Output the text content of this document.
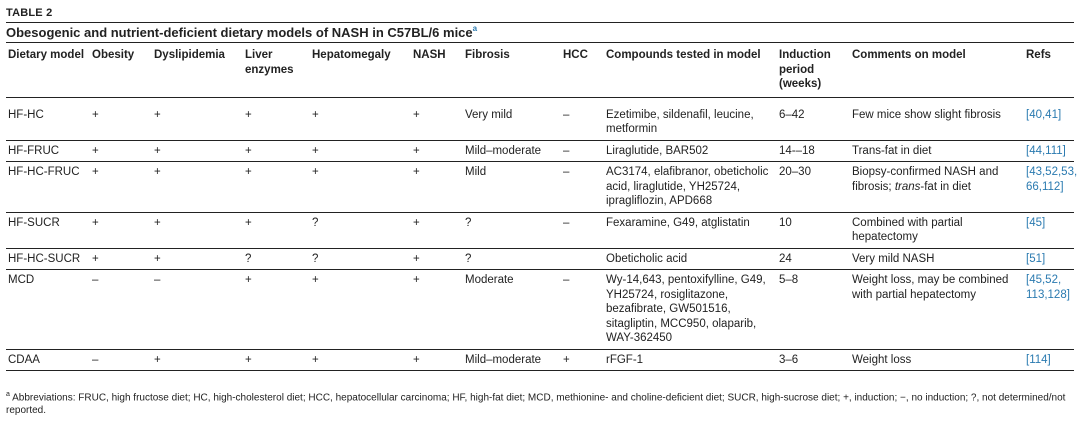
TABLE 2
Obesogenic and nutrient-deficient dietary models of NASH in C57BL/6 mice$^a$
Dietary model	Obesity	Dyslipidemia	Liver enzymes	Hepatomegaly	NASH	Fibrosis	HCC	Compounds tested in model	Induction period (weeks)	Comments on model	Refs
HF-HC	+	+	+	+	+	Very mild	–	Ezetimibe, sildenafil, leucine, metformin	6–42	Few mice show slight fibrosis	[40,41]
HF-FRUC	+	+	+	+	+	Mild–moderate	–	Liraglutide, BAR502	14-–18	Trans-fat in diet	[44,111]
HF-HC-FRUC	+	+	+	+	+	Mild	–	AC3174, elafibranor, obeticholic acid, liraglutide, YH25724, ipragliflozin, APD668	20–30	Biopsy-confirmed NASH and fibrosis; trans-fat in diet	[43,52,53, 66,112]
HF-SUCR	+	+	+	?	+	?	–	Fexaramine, G49, atglistatin	10	Combined with partial hepatectomy	[45]
HF-HC-SUCR	+	+	?	?	+	?		Obeticholic acid	24	Very mild NASH	[51]
MCD	–	–	+	+	+	Moderate	–	Wy-14,643, pentoxifylline, G49, YH25724, rosiglitazone, bezafibrate, GW501516, sitagliptin, MCC950, olaparib, WAY-362450	5–8	Weight loss, may be combined with partial hepatectomy	[45,52, 113,128]
CDAA	–	+	+	+	+	Mild–moderate	+	rFGF-1	3–6	Weight loss	[114]
$^a$ Abbreviations: FRUC, high fructose diet; HC, high-cholesterol diet; HCC, hepatocellular carcinoma; HF, high-fat diet; MCD, methionine- and choline-deficient diet; SUCR, high-sucrose diet; +, induction; −, no induction; ?, not determined/not reported.
